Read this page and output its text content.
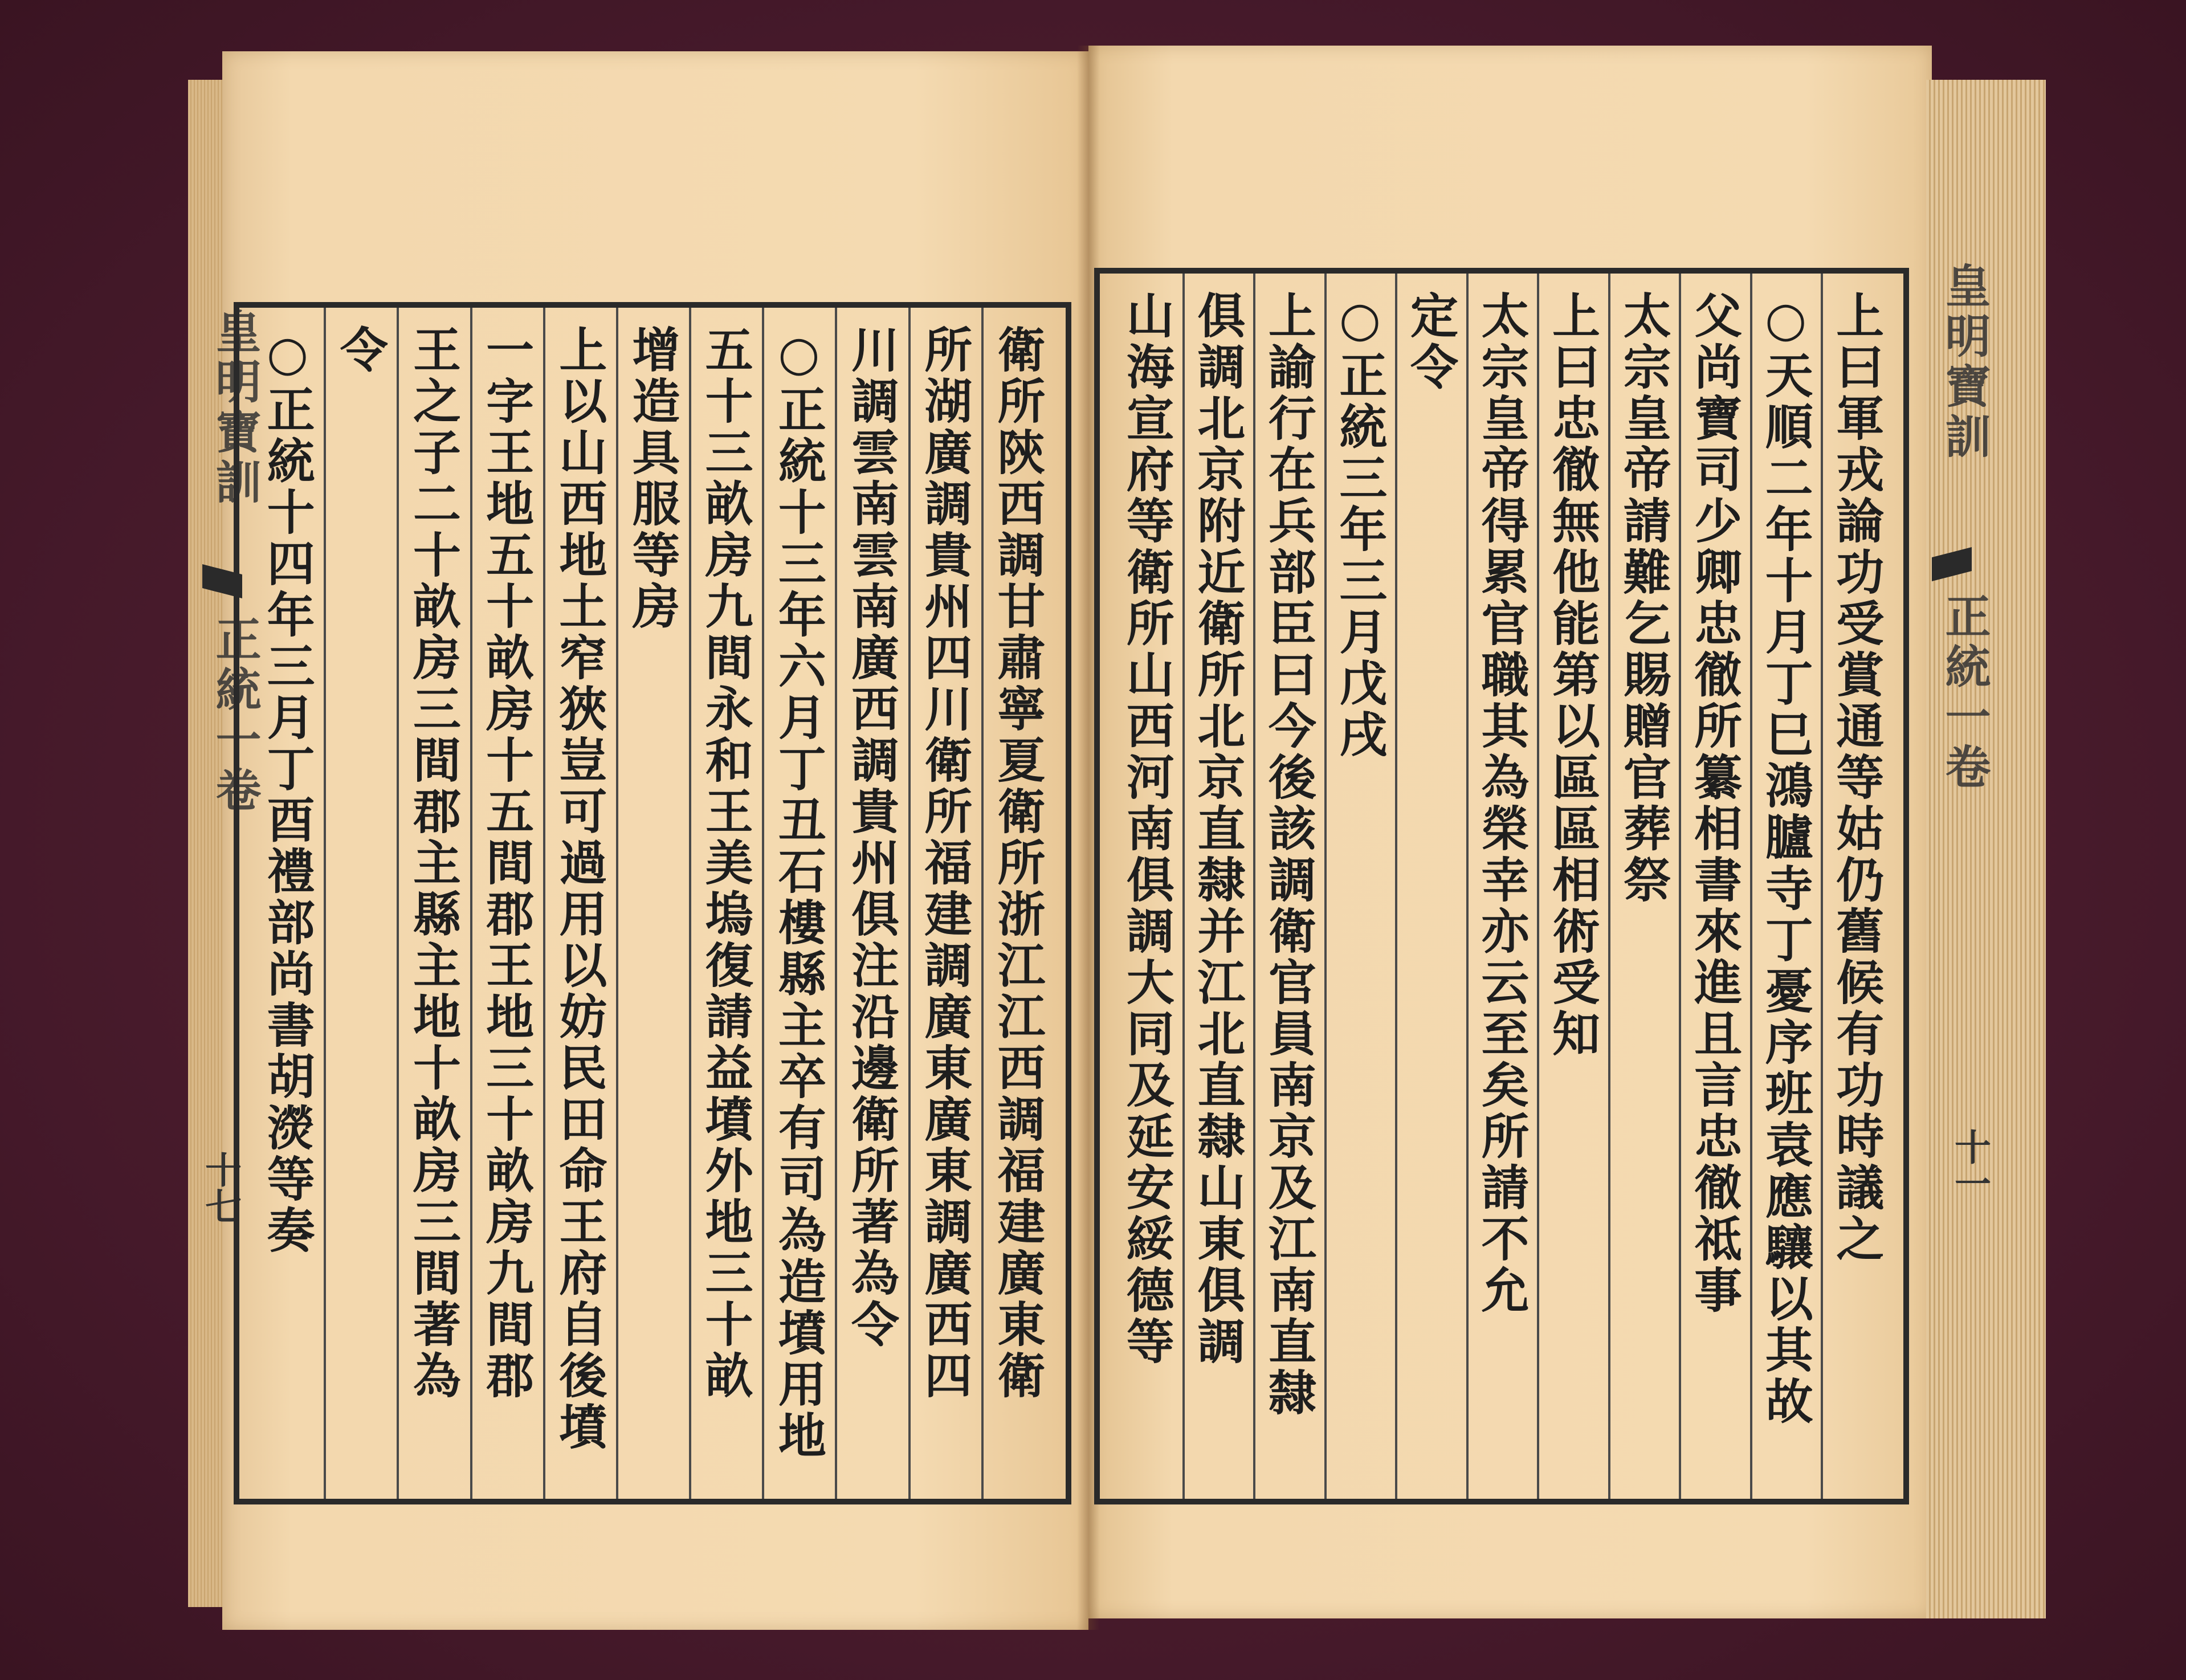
皇明寶訓
正統一卷
十七	衛所陝西調甘肅寧夏衛所浙江江西調福建廣東衛
所湖廣調貴州四川衛所福建調廣東廣東調廣西四
川調雲南雲南廣西調貴州俱注沿邊衛所著為令
○正統十三年六月丁丑石樓縣主卒有司為造墳用地
五十三畝房九間永和王美塢復請益墳外地三十畝
增造具服等房
上以山西地土窄狹豈可過用以妨民田命王府自後墳
一字王地五十畝房十五間郡王地三十畝房九間郡
王之子二十畝房三間郡主縣主地十畝房三間著為
令
○正統十四年三月丁酉禮部尚書胡濙等奏	上曰軍戎論功受賞通等姑仍舊候有功時議之
○天順二年十月丁巳鴻臚寺丁憂序班袁應驤以其故
父尚寶司少卿忠徹所纂相書來進且言忠徹祗事
太宗皇帝請難乞賜贈官葬祭
上曰忠徹無他能第以區區相術受知
太宗皇帝得累官職其為榮幸亦云至矣所請不允
定令
○正統三年三月戊戌
上諭行在兵部臣曰今後該調衛官員南京及江南直隸
俱調北京附近衛所北京直隸并江北直隸山東俱調
山海宣府等衛所山西河南俱調大同及延安綏德等	皇明寶訓
正統一卷
十一
